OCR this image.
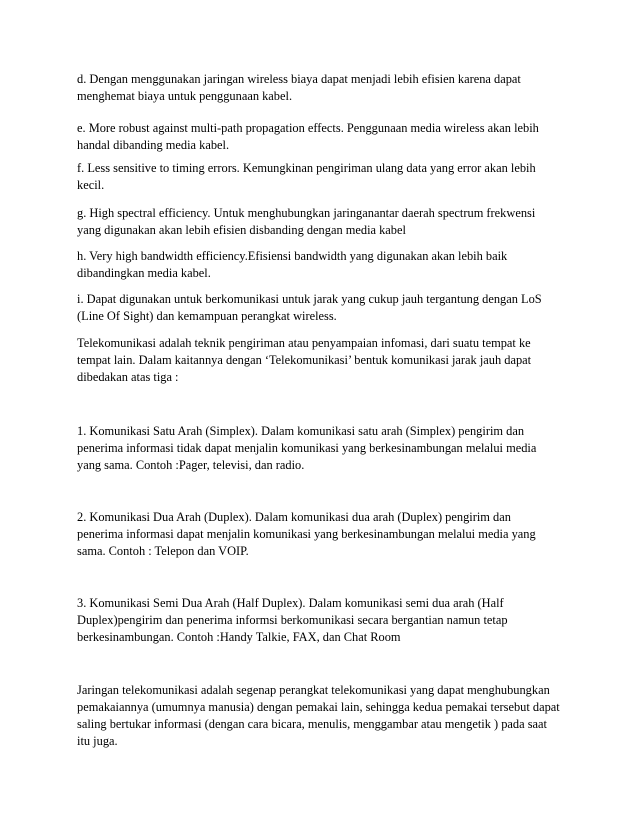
d. Dengan menggunakan jaringan wireless biaya dapat menjadi lebih efisien karena dapat
menghemat biaya untuk penggunaan kabel.

e. More robust against multi-path propagation effects. Penggunaan media wireless akan lebih
handal dibanding media kabel.

f. Less sensitive to timing errors. Kemungkinan pengiriman ulang data yang error akan lebih
kecil.

g. High spectral efficiency. Untuk menghubungkan jaringanantar daerah spectrum frekwensi
yang digunakan akan lebih efisien disbanding dengan media kabel

h. Very high bandwidth efficiency.Efisiensi bandwidth yang digunakan akan lebih baik
dibandingkan media kabel.

i. Dapat digunakan untuk berkomunikasi untuk jarak yang cukup jauh tergantung dengan LoS
(Line Of Sight) dan kemampuan perangkat wireless.

Telekomunikasi adalah teknik pengiriman atau penyampaian infomasi, dari suatu tempat ke
tempat lain. Dalam kaitannya dengan ‘Telekomunikasi’ bentuk komunikasi jarak jauh dapat
dibedakan atas tiga :

1. Komunikasi Satu Arah (Simplex). Dalam komunikasi satu arah (Simplex) pengirim dan
penerima informasi tidak dapat menjalin komunikasi yang berkesinambungan melalui media
yang sama. Contoh :Pager, televisi, dan radio.

2. Komunikasi Dua Arah (Duplex). Dalam komunikasi dua arah (Duplex) pengirim dan
penerima informasi dapat menjalin komunikasi yang berkesinambungan melalui media yang
sama. Contoh : Telepon dan VOIP.

3. Komunikasi Semi Dua Arah (Half Duplex). Dalam komunikasi semi dua arah (Half
Duplex)pengirim dan penerima informsi berkomunikasi secara bergantian namun tetap
berkesinambungan. Contoh :Handy Talkie, FAX, dan Chat Room

Jaringan telekomunikasi adalah segenap perangkat telekomunikasi yang dapat menghubungkan
pemakaiannya (umumnya manusia) dengan pemakai lain, sehingga kedua pemakai tersebut dapat
saling bertukar informasi (dengan cara bicara, menulis, menggambar atau mengetik ) pada saat
itu juga.
